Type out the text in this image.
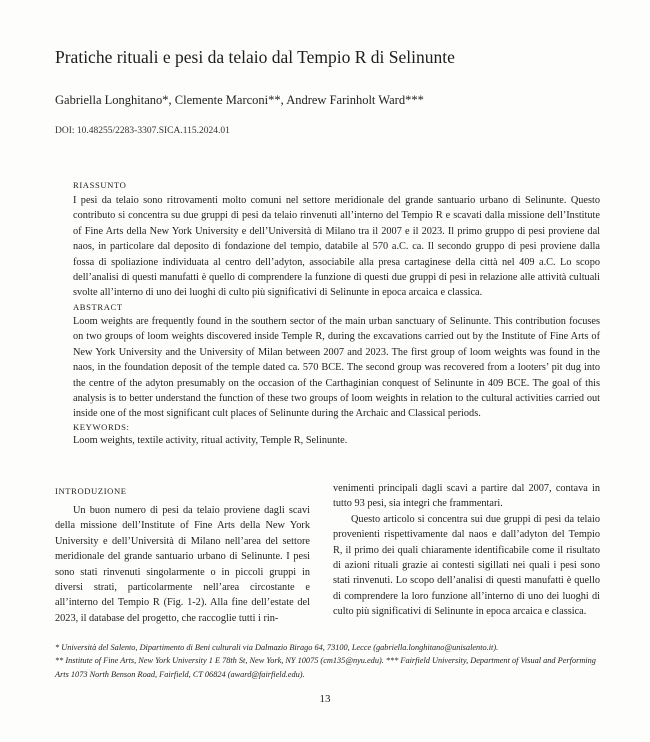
Pratiche rituali e pesi da telaio dal Tempio R di Selinunte
Gabriella Longhitano*, Clemente Marconi**, Andrew Farinholt Ward***
DOI: 10.48255/2283-3307.SICA.115.2024.01
RIASSUNTO

I pesi da telaio sono ritrovamenti molto comuni nel settore meridionale del grande santuario urbano di Selinunte. Questo contributo si concentra su due gruppi di pesi da telaio rinvenuti all’interno del Tempio R e scavati dalla missione dell’Institute of Fine Arts della New York University e dell’Università di Milano tra il 2007 e il 2023. Il primo gruppo di pesi proviene dal naos, in particolare dal deposito di fondazione del tempio, databile al 570 a.C. ca. Il secondo gruppo di pesi proviene dalla fossa di spoliazione individuata al centro dell’adyton, associabile alla presa cartaginese della città nel 409 a.C. Lo scopo dell’analisi di questi manufatti è quello di comprendere la funzione di questi due gruppi di pesi in relazione alle attività cultuali svolte all’interno di uno dei luoghi di culto più significativi di Selinunte in epoca arcaica e classica.

ABSTRACT

Loom weights are frequently found in the southern sector of the main urban sanctuary of Selinunte. This contribution focuses on two groups of loom weights discovered inside Temple R, during the excavations carried out by the Institute of Fine Arts of New York University and the University of Milan between 2007 and 2023. The first group of loom weights was found in the naos, in the foundation deposit of the temple dated ca. 570 BCE. The second group was recovered from a looters’ pit dug into the centre of the adyton presumably on the occasion of the Carthaginian conquest of Selinunte in 409 BCE. The goal of this analysis is to better understand the function of these two groups of loom weights in relation to the cultural activities carried out inside one of the most significant cult places of Selinunte during the Archaic and Classical periods.

KEYWORDS:

Loom weights, textile activity, ritual activity, Temple R, Selinunte.

INTRODUZIONE

Un buon numero di pesi da telaio proviene dagli scavi della missione dell’Institute of Fine Arts della New York University e dell’Università di Milano nell’area del settore meridionale del grande santuario urbano di Selinunte. I pesi sono stati rinvenuti singolarmente o in piccoli gruppi in diversi strati, particolarmente nell’area circostante e all’interno del Tempio R (Fig. 1-2). Alla fine dell’estate del 2023, il database del progetto, che raccoglie tutti i rin-

venimenti principali dagli scavi a partire dal 2007, contava in tutto 93 pesi, sia integri che frammentari.

Questo articolo si concentra sui due gruppi di pesi da telaio provenienti rispettivamente dal naos e dall’adyton del Tempio R, il primo dei quali chiaramente identificabile come il risultato di azioni rituali grazie ai contesti sigillati nei quali i pesi sono stati rinvenuti. Lo scopo dell’analisi di questi manufatti è quello di comprendere la loro funzione all’interno di uno dei luoghi di culto più significativi di Selinunte in epoca arcaica e classica.

* Università del Salento, Dipartimento di Beni culturali via Dalmazio Birago 64, 73100, Lecce (gabriella.longhitano@unisalento.it).

** Institute of Fine Arts, New York University 1 E 78th St, New York, NY 10075 (cm135@nyu.edu). *** Fairfield University, Department of Visual and Performing Arts 1073 North Benson Road, Fairfield, CT 06824 (award@fairfield.edu).

13
